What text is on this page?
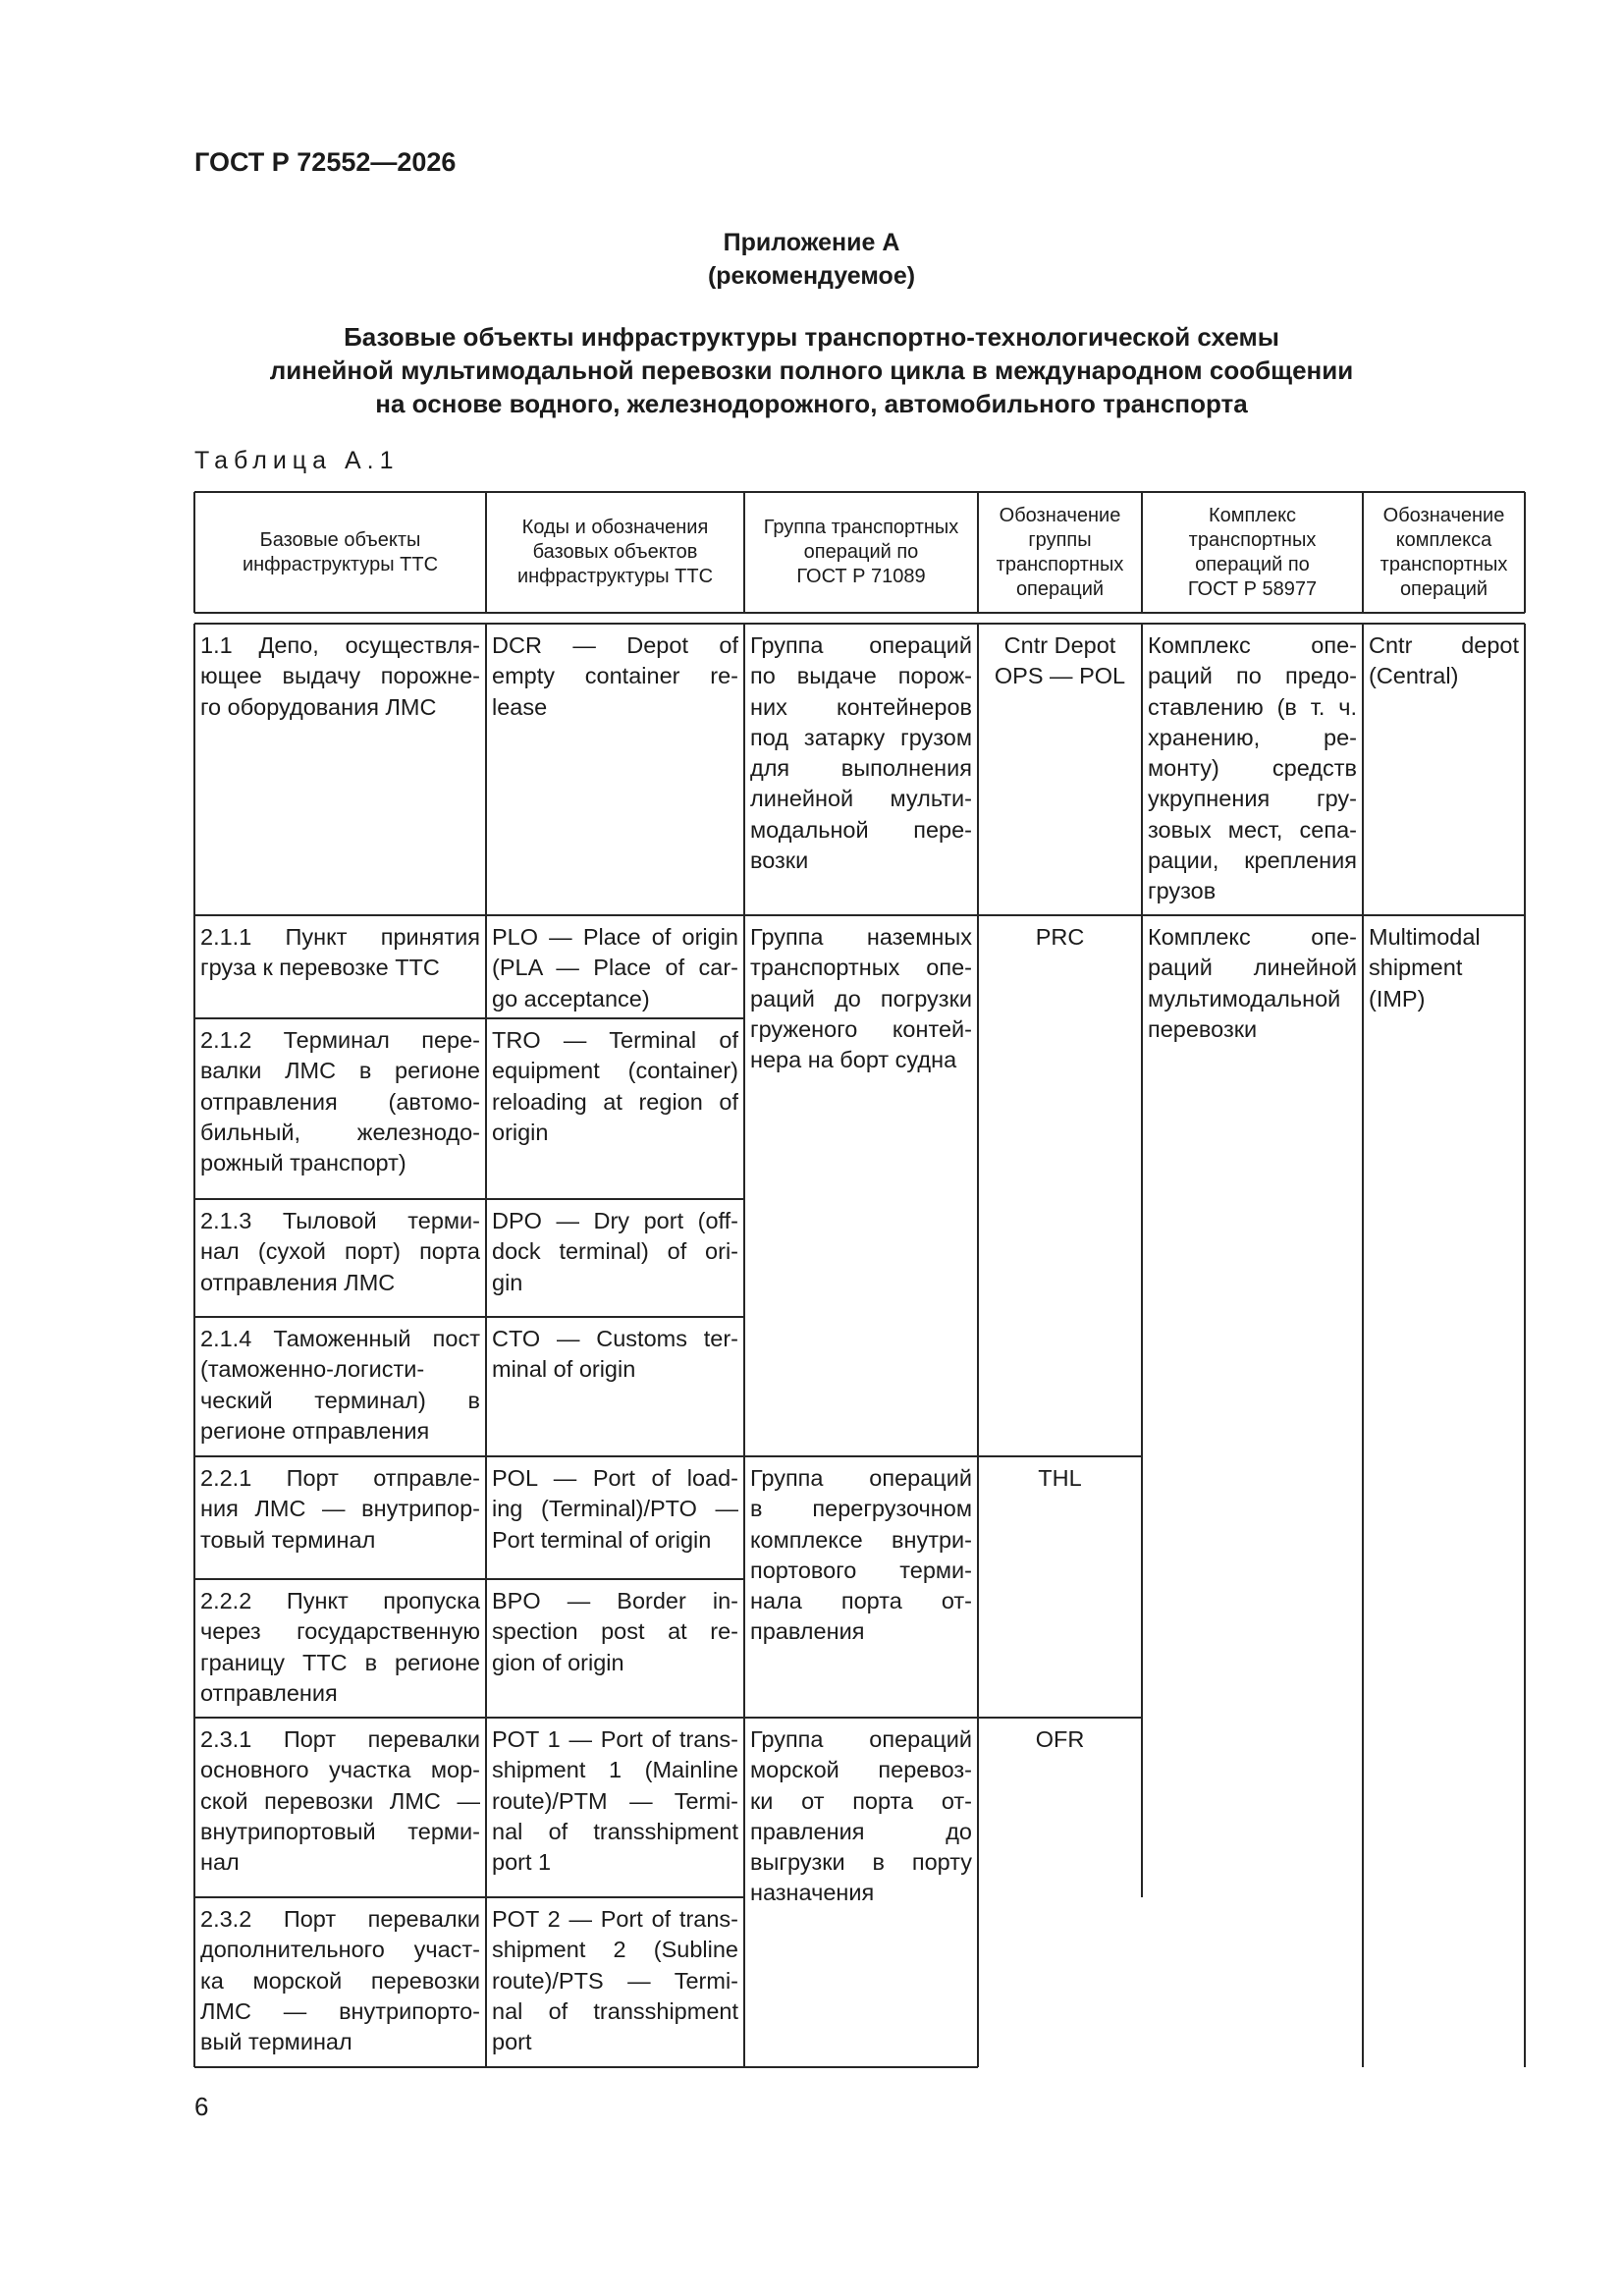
ГОСТ Р 72552—2026
Приложение А
(рекомендуемое)
Базовые объекты инфраструктуры транспортно-технологической схемы
линейной мультимодальной перевозки полного цикла в международном сообщении
на основе водного, железнодорожного, автомобильного транспорта
Таблица А.1
Базовые объекты
инфраструктуры ТТС
Коды и обозначения
базовых объектов
инфраструктуры ТТС
Группа транспортных
операций по
ГОСТ Р 71089
Обозначение
группы
транспортных
операций
Комплекс
транспортных
операций по
ГОСТ Р 58977
Обозначение
комплекса
транспортных
операций
1.1 Депо, осуществля-
ющее выдачу порожне-
го оборудования ЛМС
DCR — Depot of
empty container re-
lease
2.1.1 Пункт принятия
груза к перевозке ТТС
PLO — Place of origin
(PLA — Place of car-
go acceptance)
2.1.2 Терминал пере-
валки ЛМС в регионе
отправления (автомо-
бильный, железнодо-
рожный транспорт)
TRO — Terminal of
equipment (container)
reloading at region of
origin
2.1.3 Тыловой терми-
нал (сухой порт) порта
отправления ЛМС
DPO — Dry port (off-
dock terminal) of ori-
gin
2.1.4 Таможенный пост
(таможенно-логисти-
ческий терминал) в
регионе отправления
CTO — Customs ter-
minal of origin
2.2.1 Порт отправле-
ния ЛМС — внутрипор-
товый терминал
POL — Port of load-
ing (Terminal)/PTO —
Port terminal of origin
2.2.2 Пункт пропуска
через государственную
границу ТТС в регионе
отправления
BPO — Border in-
spection post at re-
gion of origin
2.3.1 Порт перевалки
основного участка мор-
ской перевозки ЛМС —
внутрипортовый терми-
нал
POT 1 — Port of trans-
shipment 1 (Mainline
route)/PTM — Termi-
nal of transshipment
port 1
2.3.2 Порт перевалки
дополнительного участ-
ка морской перевозки
ЛМС — внутрипорто-
вый терминал
POT 2 — Port of trans-
shipment 2 (Subline
route)/PTS — Termi-
nal of transshipment
port
Группа операций
по выдаче порож-
них контейнеров
под затарку грузом
для выполнения
линейной мульти-
модальной пере-
возки
Cntr Depot
OPS — POL
Группа наземных
транспортных опе-
раций до погрузки
груженого контей-
нера на борт судна
PRC
Группа операций
в перегрузочном
комплексе внутри-
портового терми-
нала порта от-
правления
THL
Группа операций
морской перевоз-
ки от порта от-
правления до
выгрузки в порту
назначения
OFR
Комплекс опе-
раций по предо-
ставлению (в т. ч.
хранению, ре-
монту) средств
укрупнения гру-
зовых мест, сепа-
рации, крепления
грузов
Cntr depot
(Central)
Комплекс опе-
раций линейной
мультимодальной
перевозки
Multimodal
shipment
(IMP)
6
